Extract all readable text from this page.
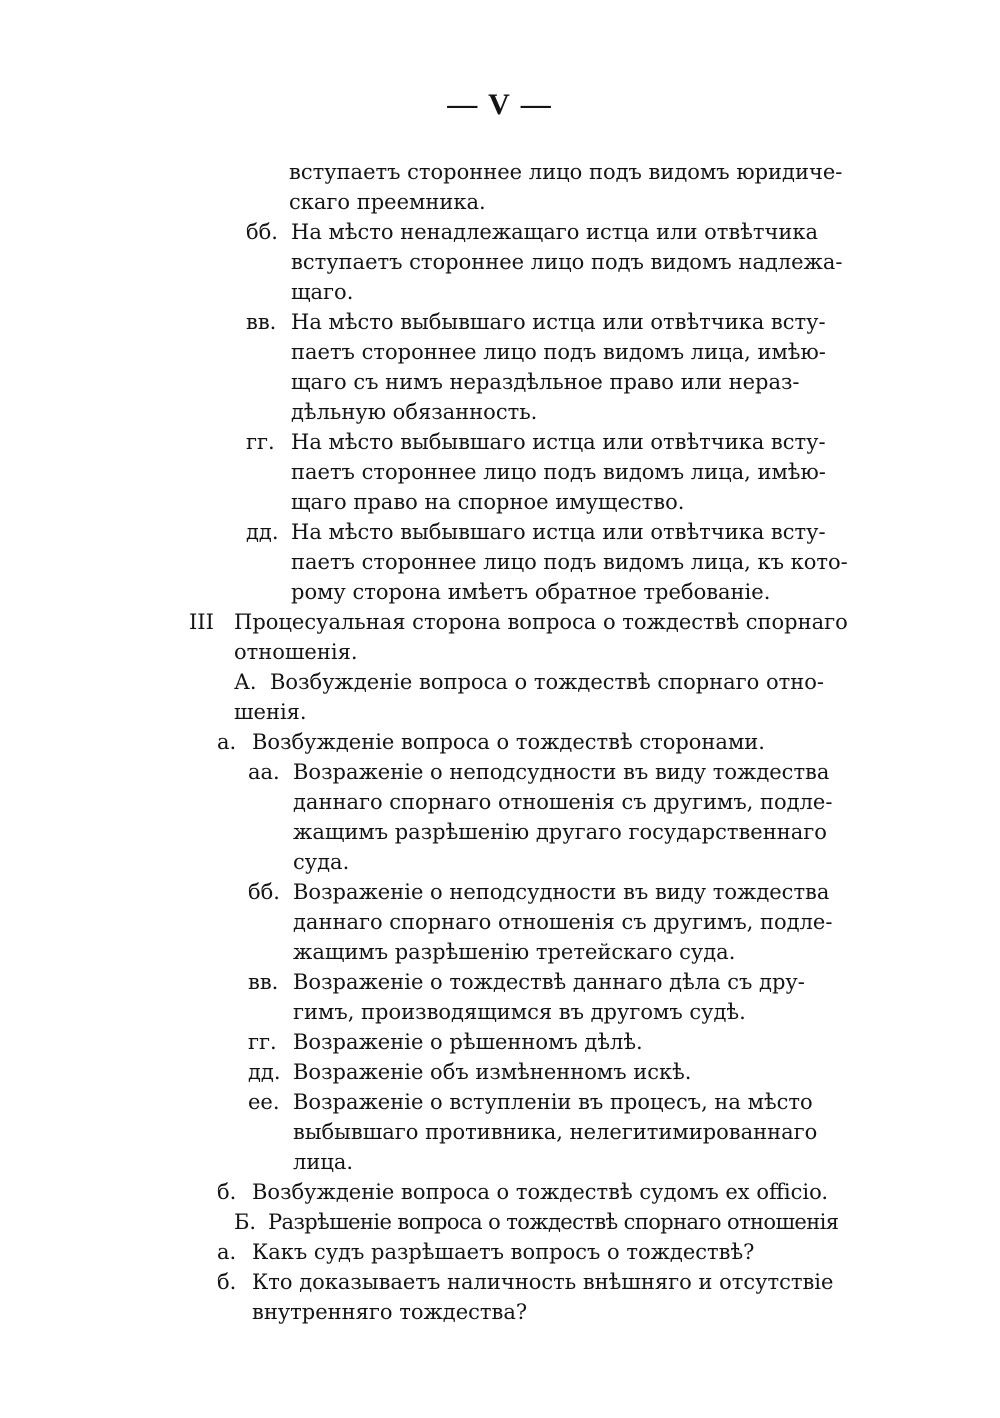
— V —
вступаетъ стороннее лицо подъ видомъ юридиче-
скаго преемника.
бб. На мѣсто ненадлежащаго истца или отвѣтчика
вступаетъ стороннее лицо подъ видомъ надлежа-
щаго.
вв. На мѣсто выбывшаго истца или отвѣтчика всту-
паетъ стороннее лицо подъ видомъ лица, имѣю-
щаго съ нимъ нераздѣльное право или нераз-
дѣльную обязанность.
гг. На мѣсто выбывшаго истца или отвѣтчика всту-
паетъ стороннее лицо подъ видомъ лица, имѣю-
щаго право на спорное имущество.
дд. На мѣсто выбывшаго истца или отвѣтчика всту-
паетъ стороннее лицо подъ видомъ лица, къ кото-
рому сторона имѣетъ обратное требованіе.
III Процесуальная сторона вопроса о тождествѣ спорнаго
отношенія.
А. Возбужденіе вопроса о тождествѣ спорнаго отно-
шенія.
а. Возбужденіе вопроса о тождествѣ сторонами.
аа. Возраженіе о неподсудности въ виду тождества
даннаго спорнаго отношенія съ другимъ, подле-
жащимъ разрѣшенію другаго государственнаго
суда.
бб. Возраженіе о неподсудности въ виду тождества
даннаго спорнаго отношенія съ другимъ, подле-
жащимъ разрѣшенію третейскаго суда.
вв. Возраженіе о тождествѣ даннаго дѣла съ дру-
гимъ, производящимся въ другомъ судѣ.
гг. Возраженіе о рѣшенномъ дѣлѣ.
дд. Возраженіе объ измѣненномъ искѣ.
ее. Возраженіе о вступленіи въ процесъ, на мѣсто
выбывшаго противника, нелегитимированнаго
лица.
б. Возбужденіе вопроса о тождествѣ судомъ ex officio.
Б. Разрѣшеніе вопроса о тождествѣ спорнаго отношенія
а. Какъ судъ разрѣшаетъ вопросъ о тождествѣ?
б. Кто доказываетъ наличность внѣшняго и отсутствіе
внутренняго тождества?
